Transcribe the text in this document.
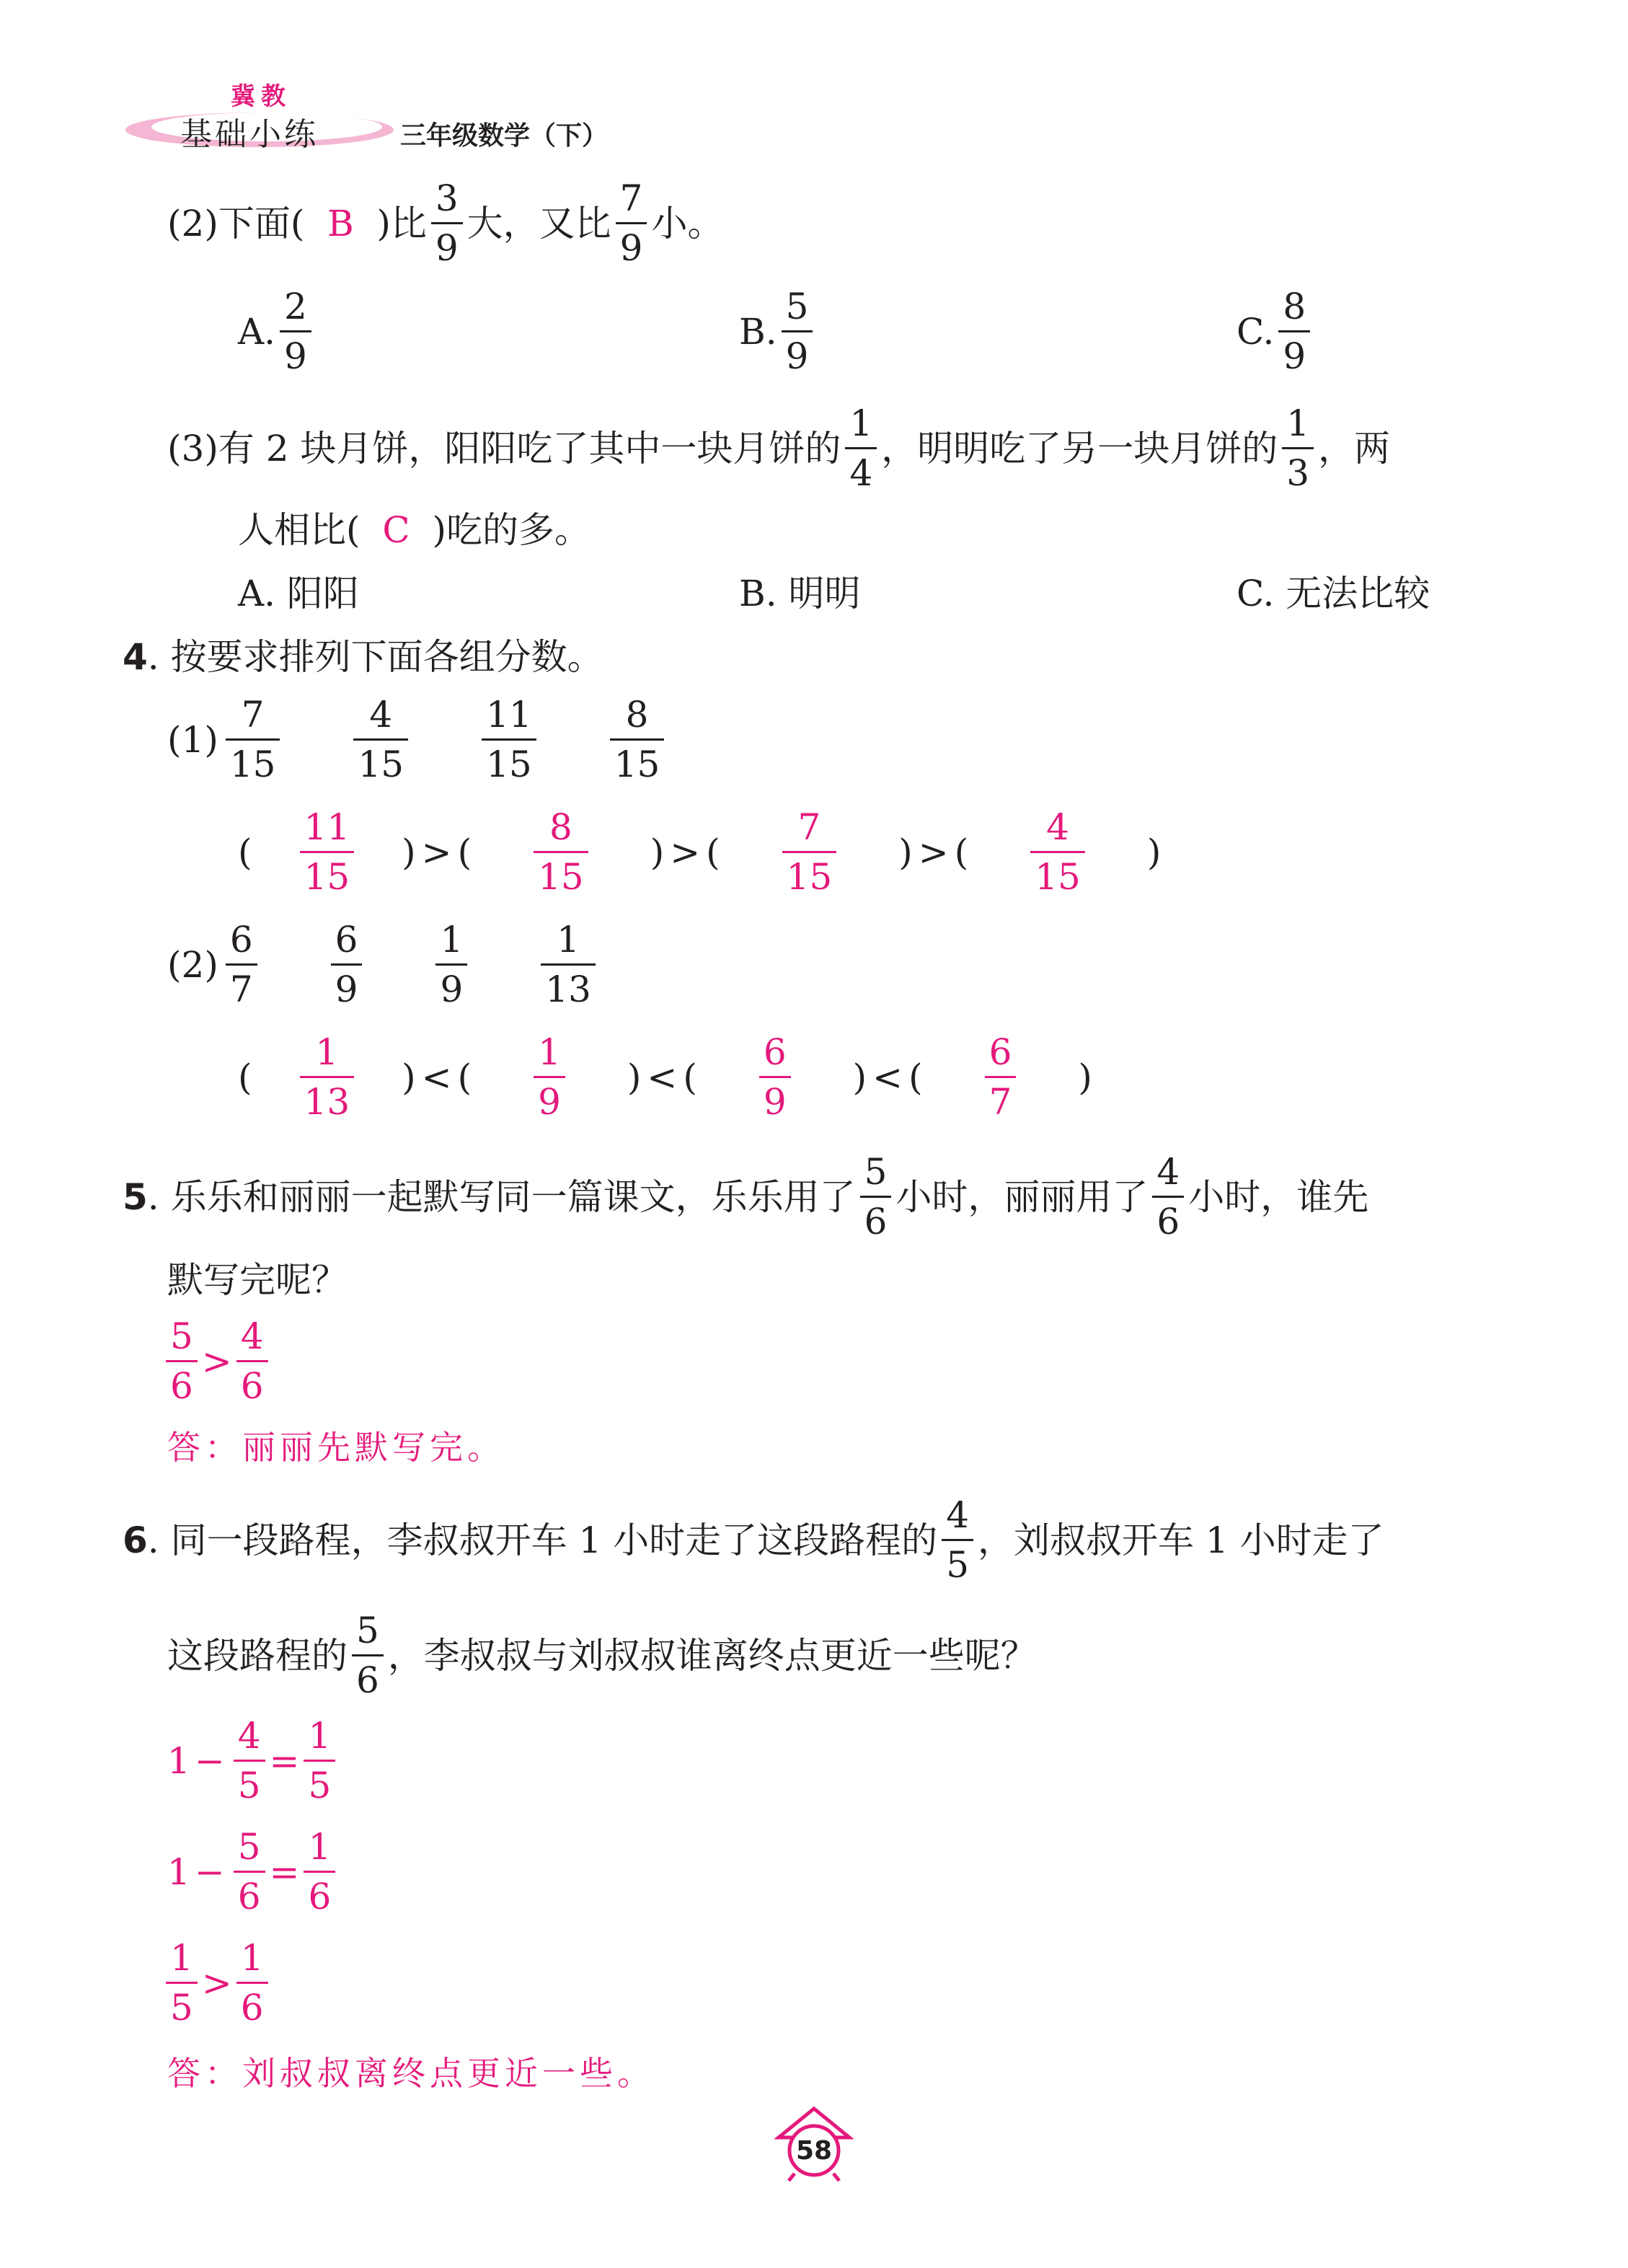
冀教
基础小练	三年级数学（下）
(2)下面( B )比 $\frac{3}{9}$ 大，又比 $\frac{7}{9}$ 小。
A. $\frac{2}{9}$	B. $\frac{5}{9}$	C. $\frac{8}{9}$
(3)有 2 块月饼，阳阳吃了其中一块月饼的 $\frac{1}{4}$ ，明明吃了另一块月饼的 $\frac{1}{3}$ ，两
人相比( C )吃的多。
A. 阳阳	B. 明明	C. 无法比较
4 . 按要求排列下面各组分数。
$(1) \frac{7}{15} \frac{4}{15} \frac{11}{15} \frac{8}{15}$
( $\frac{11}{15}$ ) > ( $\frac{8}{15}$ ) > ( $\frac{7}{15}$ ) > ( $\frac{4}{15}$ )
$(2) \frac{6}{7} \frac{6}{9} \frac{1}{9} \frac{1}{13}$
( $\frac{1}{13}$ ) < ( $\frac{1}{9}$ ) < ( $\frac{6}{9}$ ) < ( $\frac{6}{7}$ )
5 . 乐乐和丽丽一起默写同一篇课文，乐乐用了 $\frac{5}{6}$ 小时，丽丽用了 $\frac{4}{6}$ 小时，谁先
默写完呢？
$\frac{5}{6} > \frac{4}{6}$
答：丽丽先默写完。
6 . 同一段路程，李叔叔开车 1 小时走了这段路程的 $\frac{4}{5}$ ，刘叔叔开车 1 小时走了
这段路程的 $\frac{5}{6}$ ，李叔叔与刘叔叔谁离终点更近一些呢？
$1 - \frac{4}{5} = \frac{1}{5}$
$1 - \frac{5}{6} = \frac{1}{6}$
$\frac{1}{5} > \frac{1}{6}$
答：刘叔叔离终点更近一些。
58
